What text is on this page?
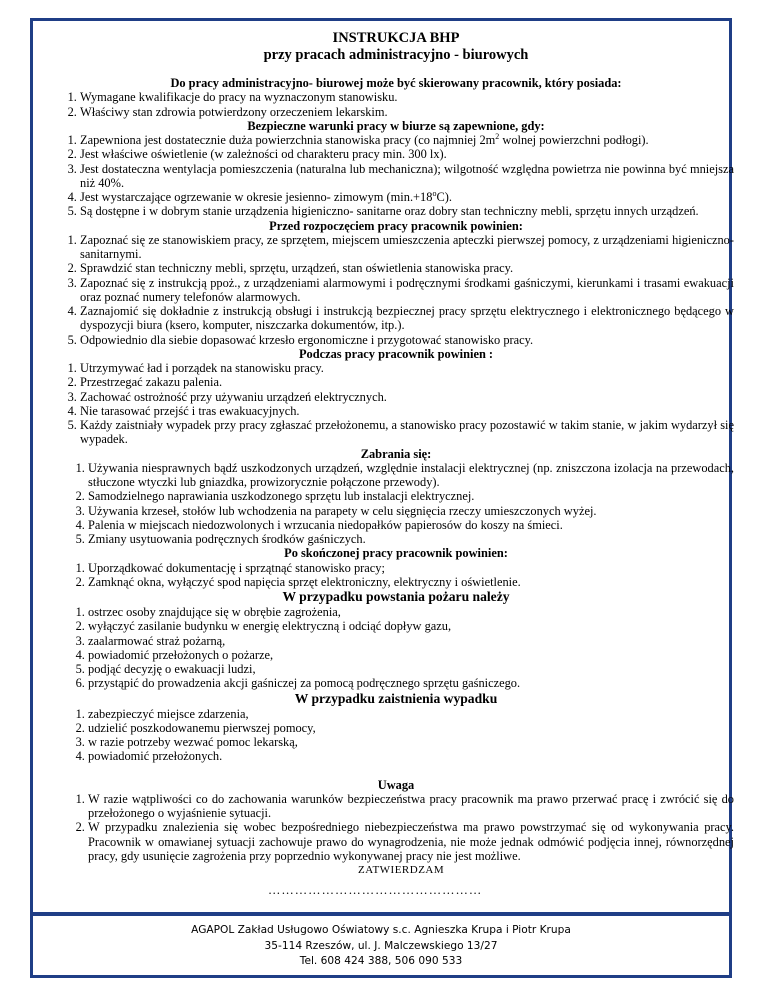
INSTRUKCJA BHP
przy pracach administracyjno - biurowych
Do pracy administracyjno- biurowej może być skierowany pracownik, który posiada:
1. Wymagane kwalifikacje do pracy na wyznaczonym stanowisku.
2. Właściwy stan zdrowia potwierdzony orzeczeniem lekarskim.
Bezpieczne warunki pracy w biurze są zapewnione, gdy:
1. Zapewniona jest dostatecznie duża powierzchnia stanowiska pracy (co najmniej $2m^2$ wolnej powierzchni podłogi).
2. Jest właściwe oświetlenie (w zależności od charakteru pracy min. 300 lx).
3. Jest dostateczna wentylacja pomieszczenia (naturalna lub mechaniczna); wilgotność względna powietrza nie powinna być mniejsza niż 40%.
4. Jest wystarczające ogrzewanie w okresie jesienno- zimowym $(\min.+18^oC)$.
5. Są dostępne i w dobrym stanie urządzenia higieniczno- sanitarne oraz dobry stan techniczny mebli, sprzętu innych urządzeń.
Przed rozpoczęciem pracy pracownik powinien:
1. Zapoznać się ze stanowiskiem pracy, ze sprzętem, miejscem umieszczenia apteczki pierwszej pomocy, z urządzeniami higieniczno- sanitarnymi.
2. Sprawdzić stan techniczny mebli, sprzętu, urządzeń, stan oświetlenia stanowiska pracy.
3. Zapoznać się z instrukcją ppoż., z urządzeniami alarmowymi i podręcznymi środkami gaśniczymi, kierunkami i trasami ewakuacji oraz poznać numery telefonów alarmowych.
4. Zaznajomić się dokładnie z instrukcją obsługi i instrukcją bezpiecznej pracy sprzętu elektrycznego i elektronicznego będącego w dyspozycji biura (ksero, komputer, niszczarka dokumentów, itp.).
5. Odpowiednio dla siebie dopasować krzesło ergonomiczne i przygotować stanowisko pracy.
Podczas pracy pracownik powinien :
1. Utrzymywać ład i porządek na stanowisku pracy.
2. Przestrzegać zakazu palenia.
3. Zachować ostrożność przy używaniu urządzeń elektrycznych.
4. Nie tarasować przejść i tras ewakuacyjnych.
5. Każdy zaistniały wypadek przy pracy zgłaszać przełożonemu, a stanowisko pracy pozostawić w takim stanie, w jakim wydarzył się wypadek.
Zabrania się:
1. Używania niesprawnych bądź uszkodzonych urządzeń, względnie instalacji elektrycznej (np. zniszczona izolacja na przewodach, stłuczone wtyczki lub gniazdka, prowizorycznie połączone przewody).
2. Samodzielnego naprawiania uszkodzonego sprzętu lub instalacji elektrycznej.
3. Używania krzeseł, stołów lub wchodzenia na parapety w celu sięgnięcia rzeczy umieszczonych wyżej.
4. Palenia w miejscach niedozwolonych i wrzucania niedopałków papierosów do koszy na śmieci.
5. Zmiany usytuowania podręcznych środków gaśniczych.
Po skończonej pracy pracownik powinien:
1. Uporządkować dokumentację i sprzątnąć stanowisko pracy;
2. Zamknąć okna, wyłączyć spod napięcia sprzęt elektroniczny, elektryczny i oświetlenie.
W przypadku powstania pożaru należy
1. ostrzec osoby znajdujące się w obrębie zagrożenia,
2. wyłączyć zasilanie budynku w energię elektryczną i odciąć dopływ gazu,
3. zaalarmować straż pożarną,
4. powiadomić przełożonych o pożarze,
5. podjąć decyzję o ewakuacji ludzi,
6. przystąpić do prowadzenia akcji gaśniczej za pomocą podręcznego sprzętu gaśniczego.
W przypadku zaistnienia wypadku
1. zabezpieczyć miejsce zdarzenia,
2. udzielić poszkodowanemu pierwszej pomocy,
3. w razie potrzeby wezwać pomoc lekarską,
4. powiadomić przełożonych.
Uwaga
1. W razie wątpliwości co do zachowania warunków bezpieczeństwa pracy pracownik ma prawo przerwać pracę i zwrócić się do przełożonego o wyjaśnienie sytuacji.
2. W przypadku znalezienia się wobec bezpośredniego niebezpieczeństwa ma prawo powstrzymać się od wykonywania pracy. Pracownik w omawianej sytuacji zachowuje prawo do wynagrodzenia, nie może jednak odmówić podjęcia innej, równorzędnej pracy, gdy usunięcie zagrożenia przy poprzednio wykonywanej pracy nie jest możliwe.
ZATWIERDZAM
…………………………………………
AGAPOL Zakład Usługowo Oświatowy s.c. Agnieszka Krupa i Piotr Krupa
35-114 Rzeszów, ul. J. Malczewskiego 13/27
Tel. 608 424 388, 506 090 533
